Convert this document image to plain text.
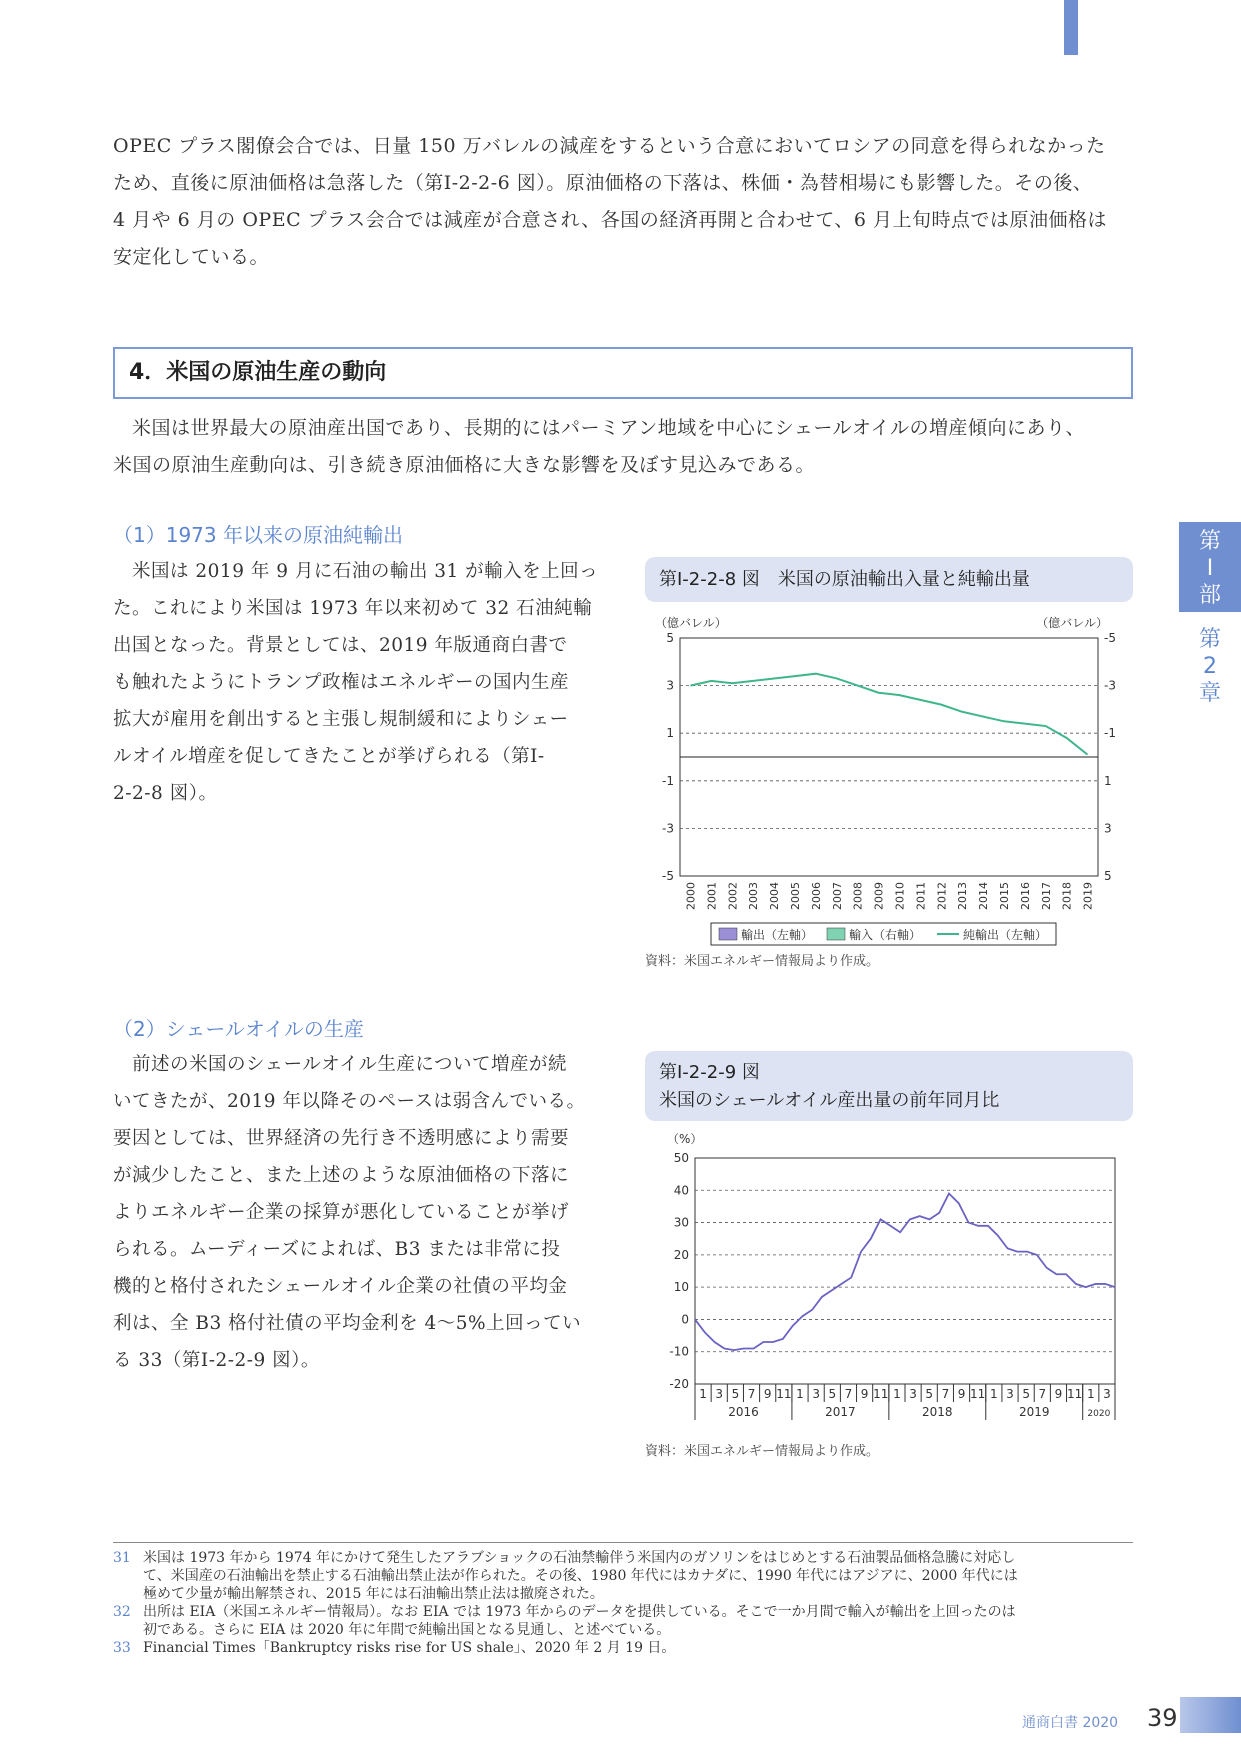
OPEC プラス閣僚会合では、日量 150 万バレルの減産をするという合意においてロシアの同意を得られなかった
ため、直後に原油価格は急落した（第Ⅰ-2-2-6 図）。原油価格の下落は、株価・為替相場にも影響した。その後、
4 月や 6 月の OPEC プラス会合では減産が合意され、各国の経済再開と合わせて、6 月上旬時点では原油価格は
安定化している。
4．米国の原油生産の動向
米国は世界最大の原油産出国であり、長期的にはパーミアン地域を中心にシェールオイルの増産傾向にあり、
米国の原油生産動向は、引き続き原油価格に大きな影響を及ぼす見込みである。
（1）1973 年以来の原油純輸出
米国は 2019 年 9 月に石油の輸出 31 が輸入を上回っ
た。これにより米国は 1973 年以来初めて 32 石油純輸
出国となった。背景としては、2019 年版通商白書で
も触れたようにトランプ政権はエネルギーの国内生産
拡大が雇用を創出すると主張し規制緩和によりシェー
ルオイル増産を促してきたことが挙げられる（第Ⅰ-
2-2-8 図）。
第Ⅰ-2-2-8 図　米国の原油輸出入量と純輸出量
（億バレル）	（億バレル）
5	-5
3	-3
1	-1
-1	1
-3	3
-5	5
2000 2001 2002 2003 2004 2005 2006 2007 2008 2009 2010 2011 2012 2013 2014 2015 2016 2017 2018 2019
輸出（左軸）	輸入（右軸）	純輸出（左軸）
資料：米国エネルギー情報局より作成。
（2）シェールオイルの生産
前述の米国のシェールオイル生産について増産が続
いてきたが、2019 年以降そのペースは弱含んでいる。
要因としては、世界経済の先行き不透明感により需要
が減少したこと、また上述のような原油価格の下落に
よりエネルギー企業の採算が悪化していることが挙げ
られる。ムーディーズによれば、B3 または非常に投
機的と格付されたシェールオイル企業の社債の平均金
利は、全 B3 格付社債の平均金利を 4～5%上回ってい
る 33（第Ⅰ-2-2-9 図）。
第Ⅰ-2-2-9 図
米国のシェールオイル産出量の前年同月比
（%）
50
40
30
20
10
0
-10
-20
1 3 5 7 9 11 1 3 5 7 9 11 1 3 5 7 9 11 1 3 5 7 9 11 1 3
2016	2017	2018	2019	2020
資料：米国エネルギー情報局より作成。
第
Ⅰ
部
第
2
章
31 米国は 1973 年から 1974 年にかけて発生したアラブショックの石油禁輸伴う米国内のガソリンをはじめとする石油製品価格急騰に対応し
て、米国産の石油輸出を禁止する石油輸出禁止法が作られた。その後、1980 年代にはカナダに、1990 年代にはアジアに、2000 年代には
極めて少量が輸出解禁され、2015 年には石油輸出禁止法は撤廃された。
32 出所は EIA（米国エネルギー情報局）。なお EIA では 1973 年からのデータを提供している。そこで一か月間で輸入が輸出を上回ったのは
初である。さらに EIA は 2020 年に年間で純輸出国となる見通し、と述べている。
33 Financial Times「Bankruptcy risks rise for US shale」、2020 年 2 月 19 日。
通商白書 2020 39
